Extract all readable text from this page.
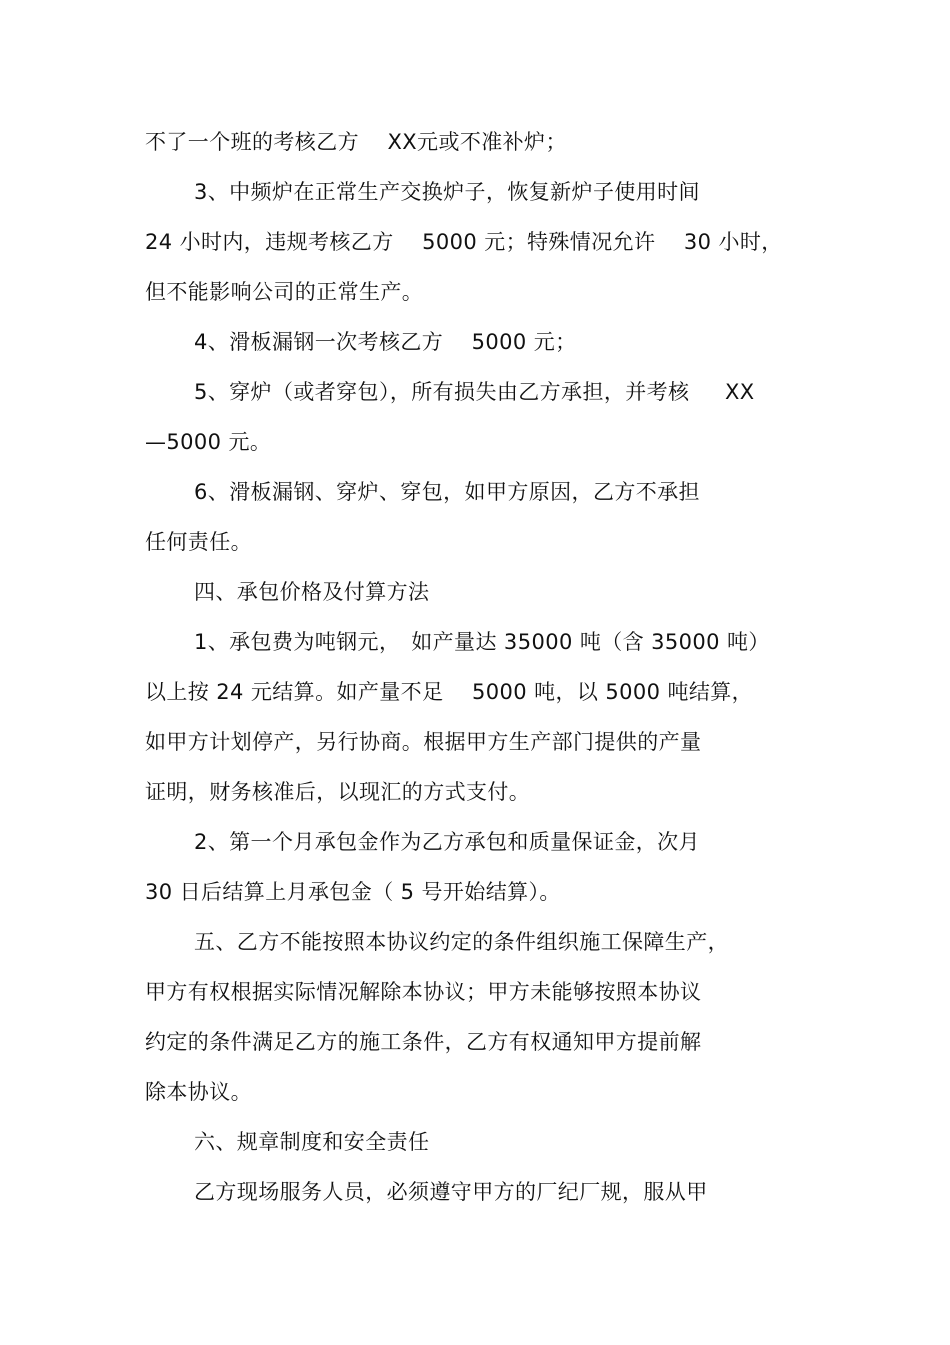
不了一个班的考核乙方　 XX元或不准补炉；
3、中频炉在正常生产交换炉子，恢复新炉子使用时间
24 小时内，违规考核乙方　 5000 元；特殊情况允许　 30 小时，
但不能影响公司的正常生产。
4、滑板漏钢一次考核乙方　 5000 元；
5、穿炉（或者穿包），所有损失由乙方承担，并考核　  XX
—5000 元。
6、滑板漏钢、穿炉、穿包，如甲方原因，乙方不承担
任何责任。
四、承包价格及付算方法
1、承包费为吨钢元，　如产量达 35000 吨（含 35000 吨）
以上按 24 元结算。如产量不足　 5000 吨，以 5000 吨结算，
如甲方计划停产，另行协商。根据甲方生产部门提供的产量
证明，财务核准后，以现汇的方式支付。
2、第一个月承包金作为乙方承包和质量保证金，次月
30 日后结算上月承包金（ 5 号开始结算）。
五、乙方不能按照本协议约定的条件组织施工保障生产，
甲方有权根据实际情况解除本协议；甲方未能够按照本协议
约定的条件满足乙方的施工条件，乙方有权通知甲方提前解
除本协议。
六、规章制度和安全责任
乙方现场服务人员，必须遵守甲方的厂纪厂规，服从甲
